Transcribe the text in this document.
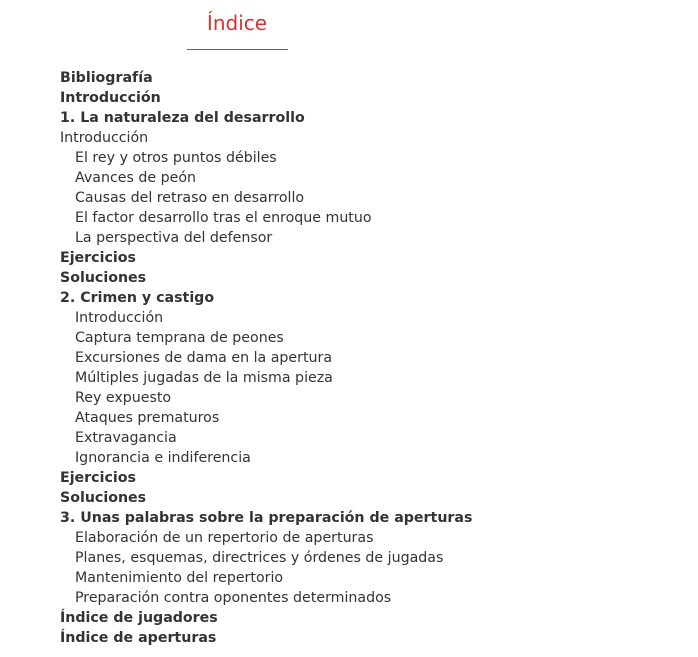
Índice
Bibliografía
Introducción
1. La naturaleza del desarrollo
Introducción
El rey y otros puntos débiles
Avances de peón
Causas del retraso en desarrollo
El factor desarrollo tras el enroque mutuo
La perspectiva del defensor
Ejercicios
Soluciones
2. Crimen y castigo
Introducción
Captura temprana de peones
Excursiones de dama en la apertura
Múltiples jugadas de la misma pieza
Rey expuesto
Ataques prematuros
Extravagancia
Ignorancia e indiferencia
Ejercicios
Soluciones
3. Unas palabras sobre la preparación de aperturas
Elaboración de un repertorio de aperturas
Planes, esquemas, directrices y órdenes de jugadas
Mantenimiento del repertorio
Preparación contra oponentes determinados
Índice de jugadores
Índice de aperturas
